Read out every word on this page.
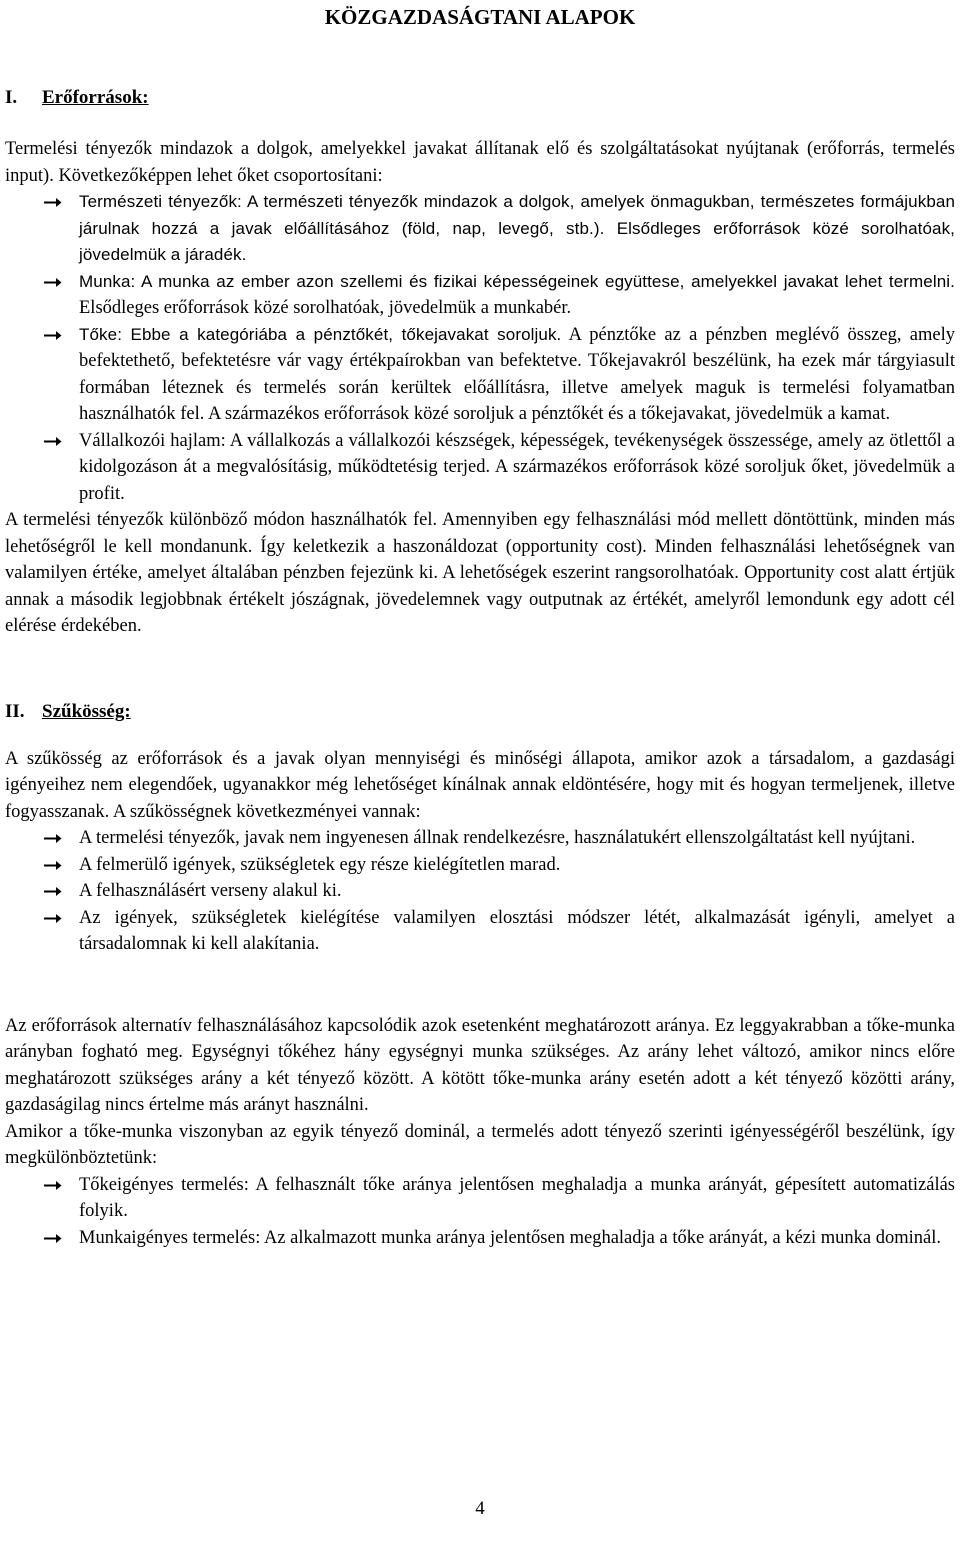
KÖZGAZDASÁGTANI ALAPOK
I. Erőforrások:

Termelési tényezők mindazok a dolgok, amelyekkel javakat állítanak elő és szolgáltatásokat nyújtanak (erőforrás, termelés input). Következőképpen lehet őket csoportosítani:

Természeti tényezők: A természeti tényezők mindazok a dolgok, amelyek önmagukban, természetes formájukban járulnak hozzá a javak előállításához (föld, nap, levegő, stb.). Elsődleges erőforrások közé sorolhatóak, jövedelmük a járadék.
Munka: A munka az ember azon szellemi és fizikai képességeinek együttese, amelyekkel javakat lehet termelni. Elsődleges erőforrások közé sorolhatóak, jövedelmük a munkabér.
Tőke: Ebbe a kategóriába a pénztőkét, tőkejavakat soroljuk. A pénztőke az a pénzben meglévő összeg, amely befektethető, befektetésre vár vagy értékpaírokban van befektetve. Tőkejavakról beszélünk, ha ezek már tárgyiasult formában léteznek és termelés során kerültek előállításra, illetve amelyek maguk is termelési folyamatban használhatók fel. A származékos erőforrások közé soroljuk a pénztőkét és a tőkejavakat, jövedelmük a kamat.
Vállalkozói hajlam: A vállalkozás a vállalkozói készségek, képességek, tevékenységek összessége, amely az ötlettől a kidolgozáson át a megvalósításig, működtetésig terjed. A származékos erőforrások közé soroljuk őket, jövedelmük a profit.

A termelési tényezők különböző módon használhatók fel. Amennyiben egy felhasználási mód mellett döntöttünk, minden más lehetőségről le kell mondanunk. Így keletkezik a haszonáldozat (opportunity cost). Minden felhasználási lehetőségnek van valamilyen értéke, amelyet általában pénzben fejezünk ki. A lehetőségek eszerint rangsorolhatóak. Opportunity cost alatt értjük annak a második legjobbnak értékelt jószágnak, jövedelemnek vagy outputnak az értékét, amelyről lemondunk egy adott cél elérése érdekében.

II. Szűkösség:

A szűkösség az erőforrások és a javak olyan mennyiségi és minőségi állapota, amikor azok a társadalom, a gazdasági igényeihez nem elegendőek, ugyanakkor még lehetőséget kínálnak annak eldöntésére, hogy mit és hogyan termeljenek, illetve fogyasszanak. A szűkösségnek következményei vannak:

A termelési tényezők, javak nem ingyenesen állnak rendelkezésre, használatukért ellenszolgáltatást kell nyújtani.
A felmerülő igények, szükségletek egy része kielégítetlen marad.
A felhasználásért verseny alakul ki.
Az igények, szükségletek kielégítése valamilyen elosztási módszer létét, alkalmazását igényli, amelyet a társadalomnak ki kell alakítania.

Az erőforrások alternatív felhasználásához kapcsolódik azok esetenként meghatározott aránya. Ez leggyakrabban a tőke-munka arányban fogható meg. Egységnyi tőkéhez hány egységnyi munka szükséges. Az arány lehet változó, amikor nincs előre meghatározott szükséges arány a két tényező között. A kötött tőke-munka arány esetén adott a két tényező közötti arány, gazdaságilag nincs értelme más arányt használni.

Amikor a tőke-munka viszonyban az egyik tényező dominál, a termelés adott tényező szerinti igényességéről beszélünk, így megkülönböztetünk:

Tőkeigényes termelés: A felhasznált tőke aránya jelentősen meghaladja a munka arányát, gépesített automatizálás folyik.
Munkaigényes termelés: Az alkalmazott munka aránya jelentősen meghaladja a tőke arányát, a kézi munka dominál.
4
